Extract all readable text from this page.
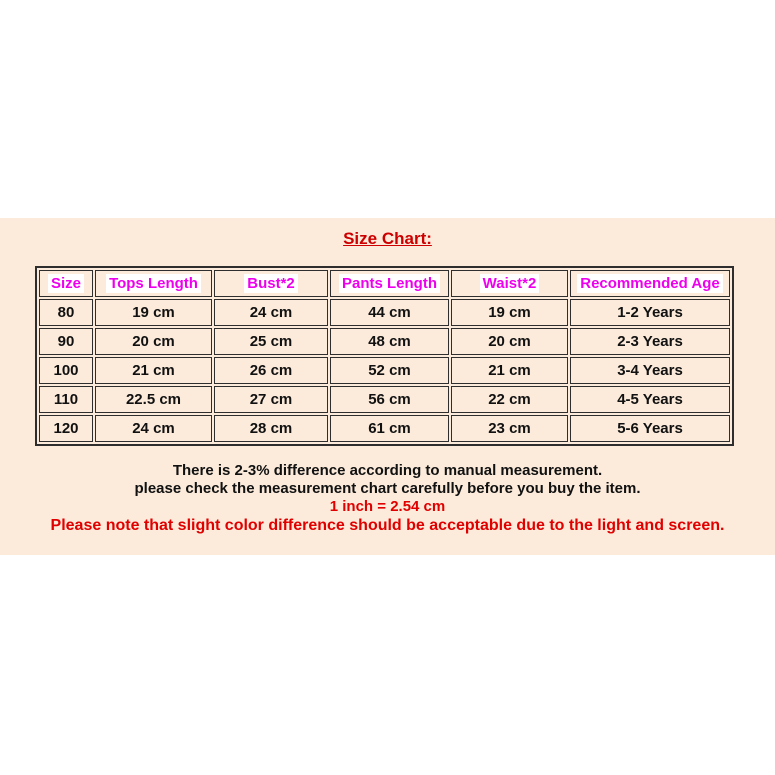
Size Chart:
Size	Tops Length	Bust*2	Pants Length	Waist*2	Recommended Age
80	19 cm	24 cm	44 cm	19 cm	1-2 Years
90	20 cm	25 cm	48 cm	20 cm	2-3 Years
100	21 cm	26 cm	52 cm	21 cm	3-4 Years
110	22.5 cm	27 cm	56 cm	22 cm	4-5 Years
120	24 cm	28 cm	61 cm	23 cm	5-6 Years
There is 2-3% difference according to manual measurement.
please check the measurement chart carefully before you buy the item.
1 inch = 2.54 cm
Please note that slight color difference should be acceptable due to the light and screen.
